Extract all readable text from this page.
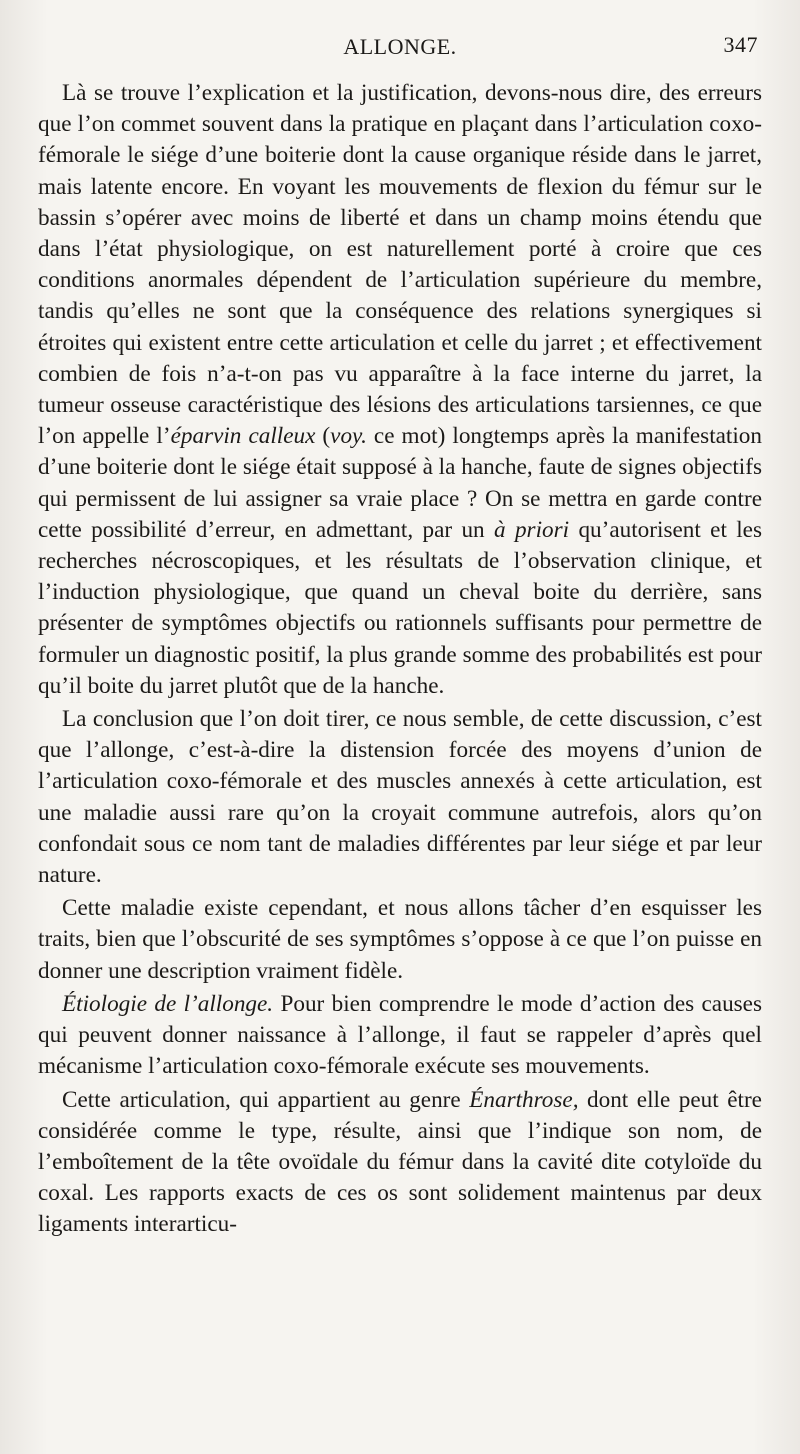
ALLONGE.	347

Là se trouve l’explication et la justification, devons-nous dire, des erreurs que l’on commet souvent dans la pratique en plaçant dans l’articulation coxo-fémorale le siége d’une boiterie dont la cause organique réside dans le jarret, mais latente encore. En voyant les mouvements de flexion du fémur sur le bassin s’opérer avec moins de liberté et dans un champ moins étendu que dans l’état physiologique, on est naturellement porté à croire que ces conditions anormales dépendent de l’articulation supérieure du membre, tandis qu’elles ne sont que la conséquence des relations synergiques si étroites qui existent entre cette articulation et celle du jarret ; et effectivement combien de fois n’a-t-on pas vu apparaître à la face interne du jarret, la tumeur osseuse caractéristique des lésions des articulations tarsiennes, ce que l’on appelle l’éparvin calleux (voy. ce mot) longtemps après la manifestation d’une boiterie dont le siége était supposé à la hanche, faute de signes objectifs qui permissent de lui assigner sa vraie place ? On se mettra en garde contre cette possibilité d’erreur, en admettant, par un à priori qu’autorisent et les recherches nécroscopiques, et les résultats de l’observation clinique, et l’induction physiologique, que quand un cheval boite du derrière, sans présenter de symptômes objectifs ou rationnels suffisants pour permettre de formuler un diagnostic positif, la plus grande somme des probabilités est pour qu’il boite du jarret plutôt que de la hanche.

La conclusion que l’on doit tirer, ce nous semble, de cette discussion, c’est que l’allonge, c’est-à-dire la distension forcée des moyens d’union de l’articulation coxo-fémorale et des muscles annexés à cette articulation, est une maladie aussi rare qu’on la croyait commune autrefois, alors qu’on confondait sous ce nom tant de maladies différentes par leur siége et par leur nature.

Cette maladie existe cependant, et nous allons tâcher d’en esquisser les traits, bien que l’obscurité de ses symptômes s’oppose à ce que l’on puisse en donner une description vraiment fidèle.

Étiologie de l’allonge. Pour bien comprendre le mode d’action des causes qui peuvent donner naissance à l’allonge, il faut se rappeler d’après quel mécanisme l’articulation coxo-fémorale exécute ses mouvements.

Cette articulation, qui appartient au genre Énarthrose, dont elle peut être considérée comme le type, résulte, ainsi que l’indique son nom, de l’emboîtement de la tête ovoïdale du fémur dans la cavité dite cotyloïde du coxal. Les rapports exacts de ces os sont solidement maintenus par deux ligaments interarticu-
